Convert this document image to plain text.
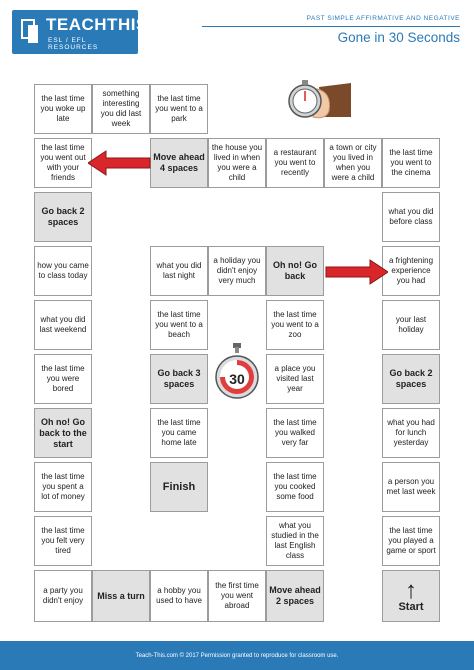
TEACHTHIS
ESL / EFL RESOURCES
PAST SIMPLE AFFIRMATIVE AND NEGATIVE
Gone in 30 Seconds
the last time you woke up late
something interesting you did last week
the last time you went to a park
the last time you went out with your friends
Move ahead 4 spaces
the house you lived in when you were a child
a restaurant you went to recently
a town or city you lived in when you were a child
the last time you went to the cinema
Go back 2 spaces
what you did before class
how you came to class today
what you did last night
a holiday you didn't enjoy very much
Oh no! Go back
a frightening experience you had
what you did last weekend
the last time you went to a beach
the last time you went to a zoo
your last holiday
the last time you were bored
Go back 3 spaces
a place you visited last year
Go back 2 spaces
Oh no! Go back to the start
the last time you came home late
the last time you walked very far
what you had for lunch yesterday
the last time you spent a lot of money
Finish
the last time you cooked some food
a person you met last week
the last time you felt very tired
what you studied in the last English class
the last time you played a game or sport
a party you didn't enjoy	Miss a turn	a hobby you used to have
the first time you went abroad
Move ahead 2 spaces	↑
Start
30
Teach-This.com © 2017 Permission granted to reproduce for classroom use.
